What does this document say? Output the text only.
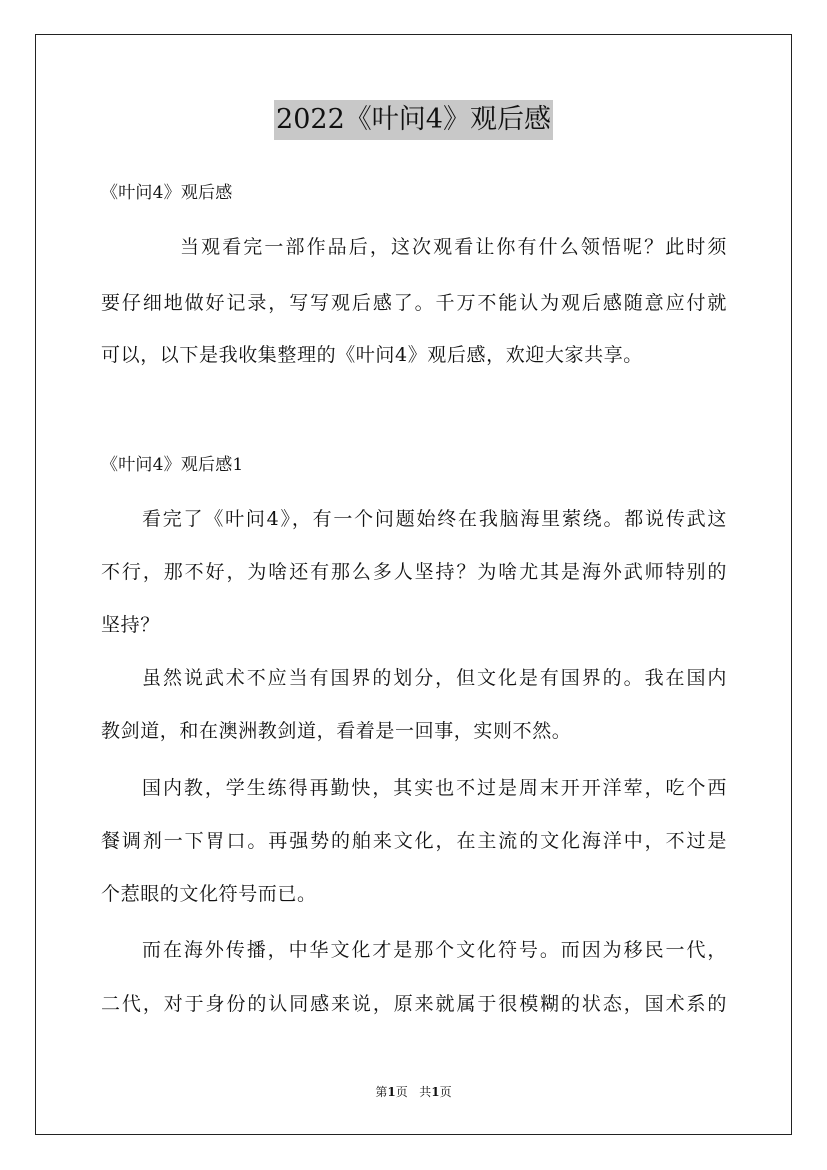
2022《叶问4》观后感
《叶问4》观后感
当观看完一部作品后，这次观看让你有什么领悟呢？此时须
要仔细地做好记录，写写观后感了。千万不能认为观后感随意应付就
可以，以下是我收集整理的《叶问4》观后感，欢迎大家共享。
《叶问4》观后感1
看完了《叶问4》，有一个问题始终在我脑海里萦绕。都说传武这
不行，那不好，为啥还有那么多人坚持？为啥尤其是海外武师特别的
坚持？
虽然说武术不应当有国界的划分，但文化是有国界的。我在国内
教剑道，和在澳洲教剑道，看着是一回事，实则不然。
国内教，学生练得再勤快，其实也不过是周末开开洋荤，吃个西
餐调剂一下胃口。再强势的舶来文化，在主流的文化海洋中，不过是
个惹眼的文化符号而已。
而在海外传播，中华文化才是那个文化符号。而因为移民一代，
二代，对于身份的认同感来说，原来就属于很模糊的状态，国术系的
第1页 共1页
